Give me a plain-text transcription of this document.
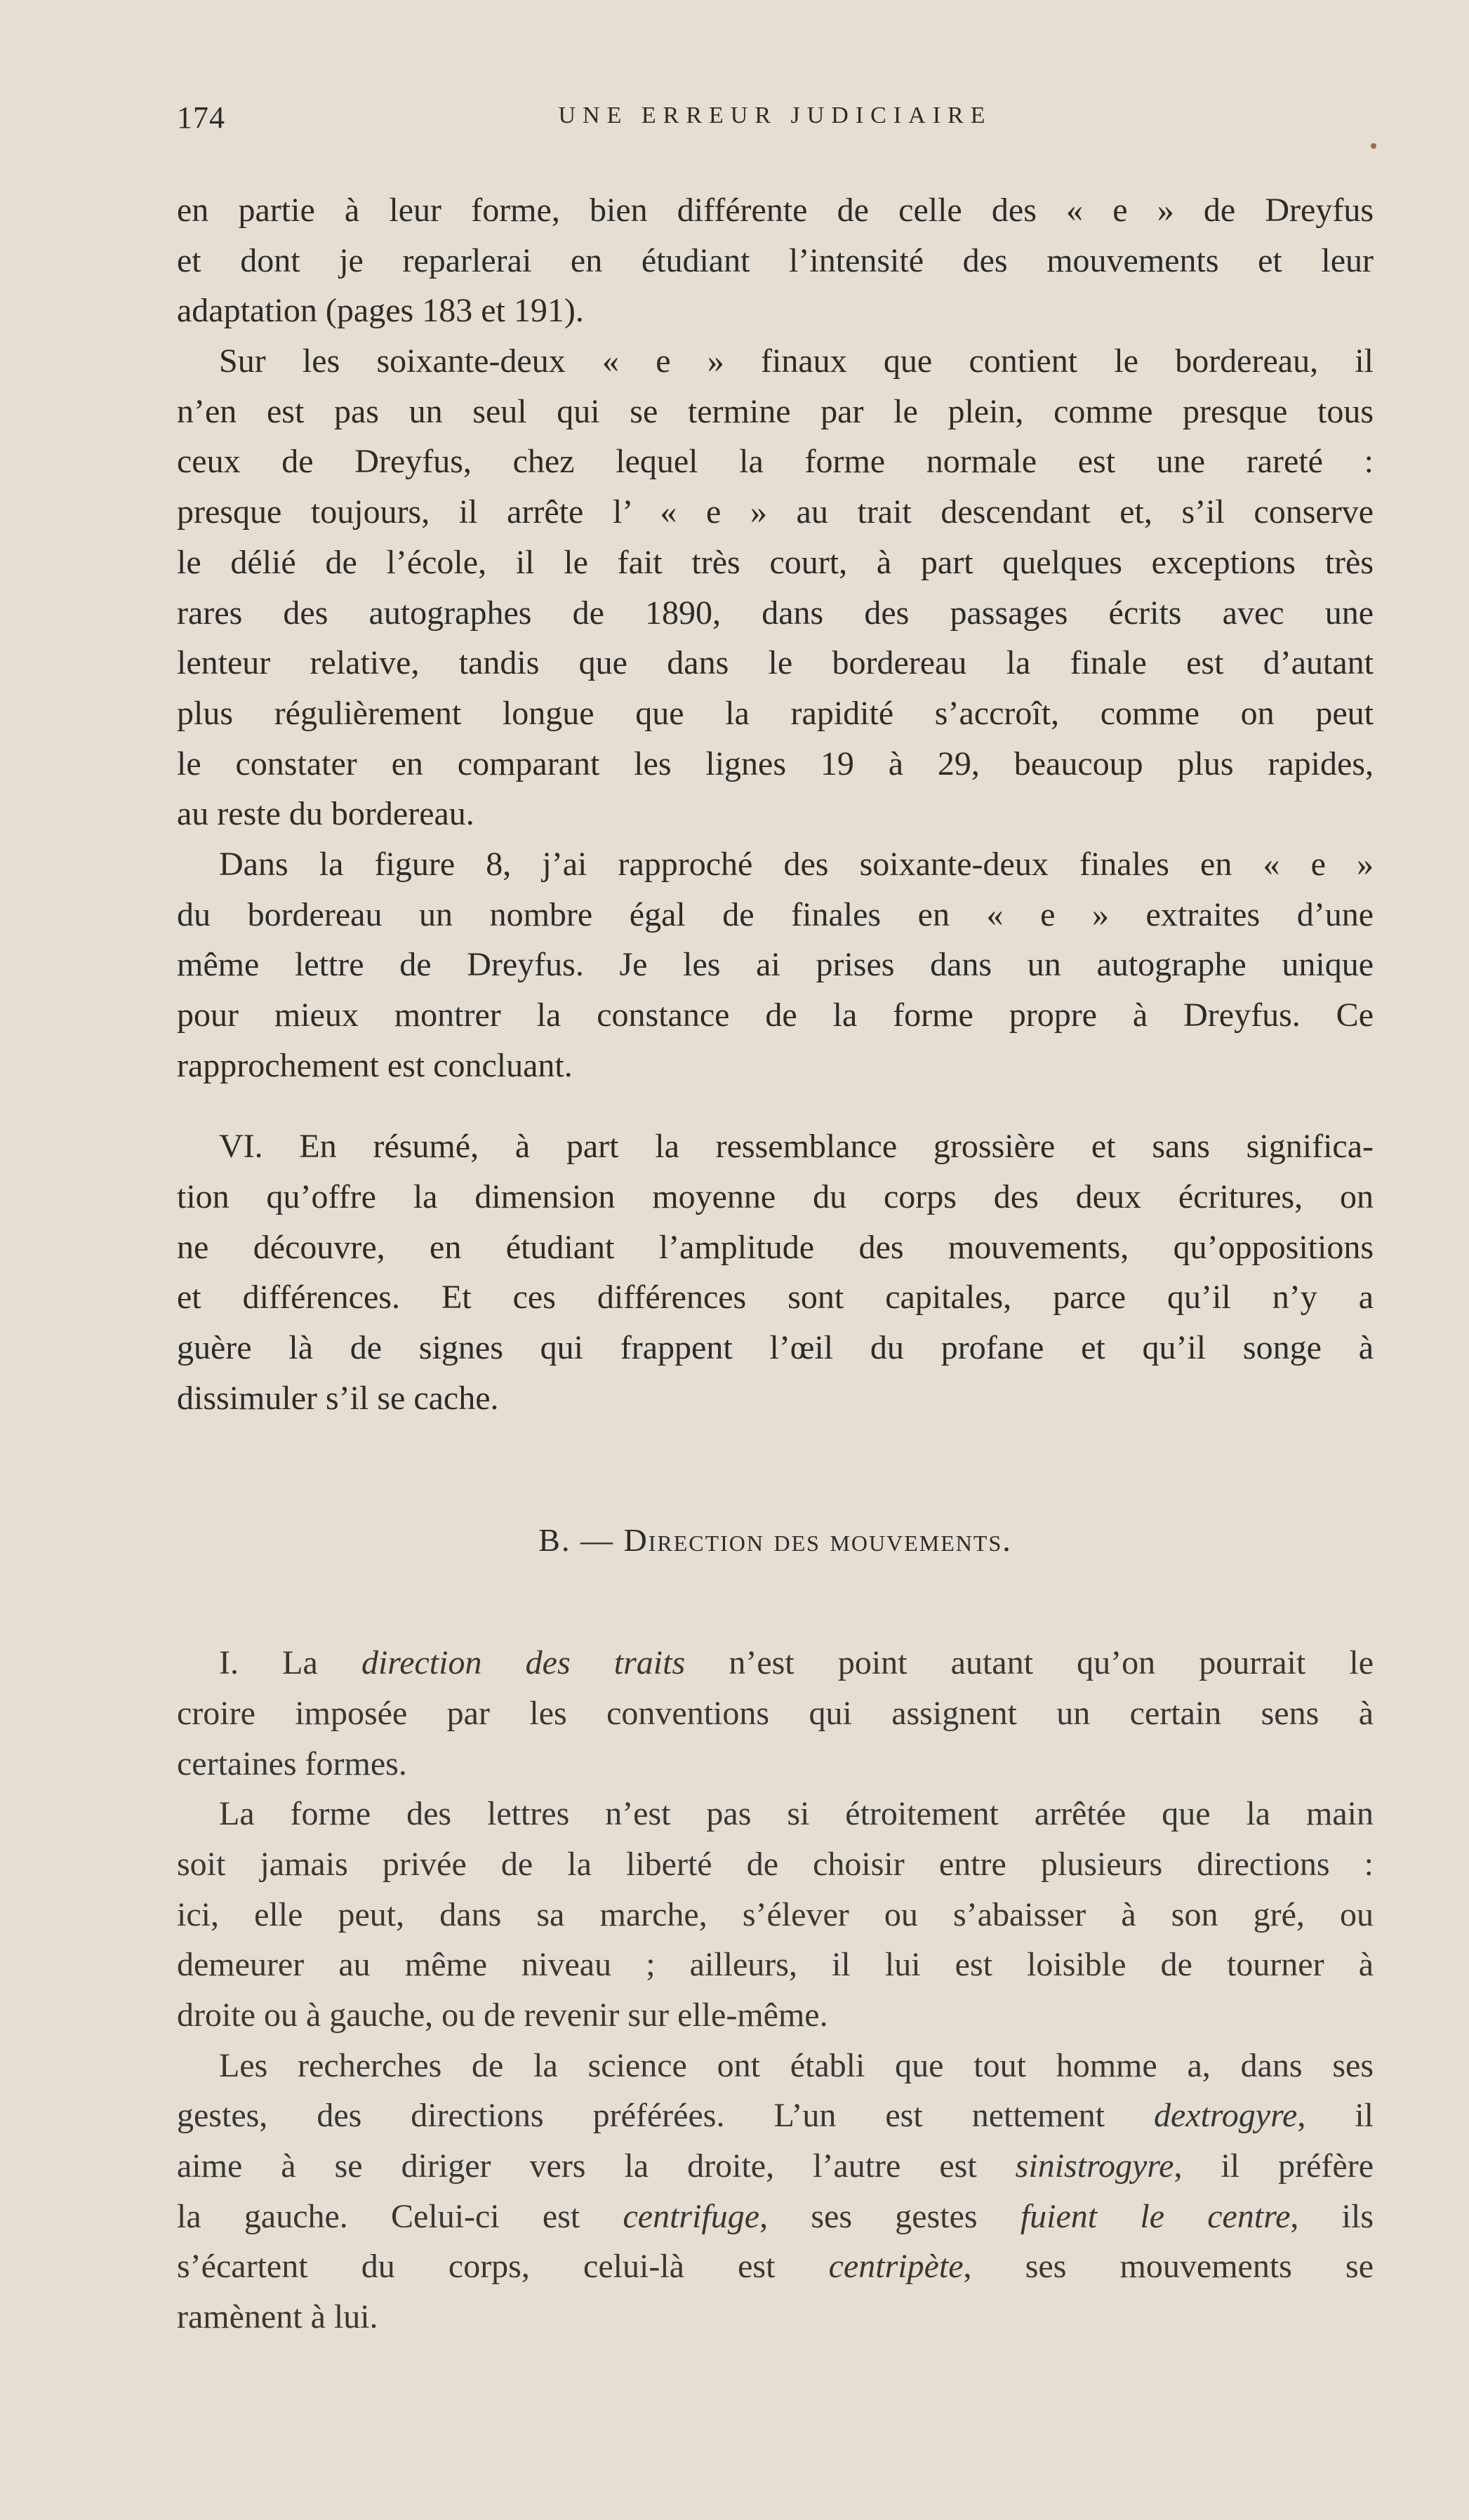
174	UNE ERREUR JUDICIAIRE
en partie à leur forme, bien différente de celle des « e » de Dreyfus
et dont je reparlerai en étudiant l’intensité des mouvements et leur
adaptation (pages 183 et 191).
Sur les soixante-deux « e » finaux que contient le bordereau, il
n’en est pas un seul qui se termine par le plein, comme presque tous
ceux de Dreyfus, chez lequel la forme normale est une rareté :
presque toujours, il arrête l’ « e » au trait descendant et, s’il conserve
le délié de l’école, il le fait très court, à part quelques exceptions très
rares des autographes de 1890, dans des passages écrits avec une
lenteur relative, tandis que dans le bordereau la finale est d’autant
plus régulièrement longue que la rapidité s’accroît, comme on peut
le constater en comparant les lignes 19 à 29, beaucoup plus rapides,
au reste du bordereau.
Dans la figure 8, j’ai rapproché des soixante-deux finales en « e »
du bordereau un nombre égal de finales en « e » extraites d’une
même lettre de Dreyfus. Je les ai prises dans un autographe unique
pour mieux montrer la constance de la forme propre à Dreyfus. Ce
rapprochement est concluant.
VI. En résumé, à part la ressemblance grossière et sans significa-
tion qu’offre la dimension moyenne du corps des deux écritures, on
ne découvre, en étudiant l’amplitude des mouvements, qu’oppositions
et différences. Et ces différences sont capitales, parce qu’il n’y a
guère là de signes qui frappent l’œil du profane et qu’il songe à
dissimuler s’il se cache.
B. — Direction des mouvements.
I. La direction des traits n’est point autant qu’on pourrait le
croire imposée par les conventions qui assignent un certain sens à
certaines formes.
La forme des lettres n’est pas si étroitement arrêtée que la main
soit jamais privée de la liberté de choisir entre plusieurs directions :
ici, elle peut, dans sa marche, s’élever ou s’abaisser à son gré, ou
demeurer au même niveau ; ailleurs, il lui est loisible de tourner à
droite ou à gauche, ou de revenir sur elle-même.
Les recherches de la science ont établi que tout homme a, dans ses
gestes, des directions préférées. L’un est nettement dextrogyre, il
aime à se diriger vers la droite, l’autre est sinistrogyre, il préfère
la gauche. Celui-ci est centrifuge, ses gestes fuient le centre, ils
s’écartent du corps, celui-là est centripète, ses mouvements se
ramènent à lui.
